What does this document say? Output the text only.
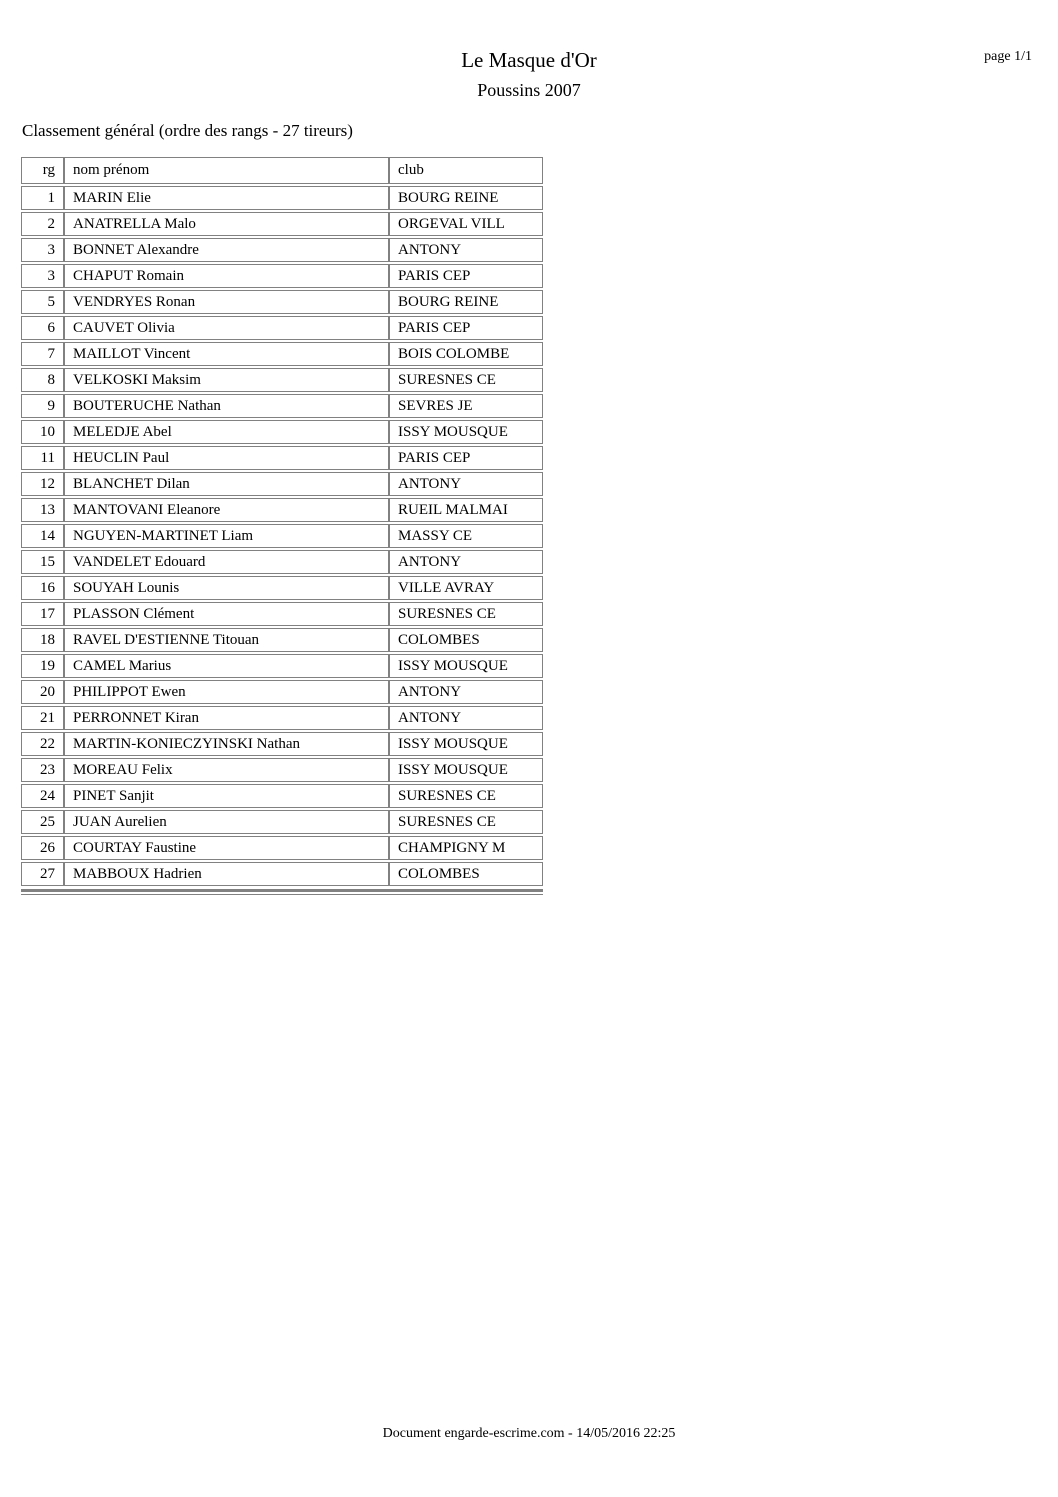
page 1/1
Le Masque d'Or
Poussins 2007
Classement général (ordre des rangs - 27 tireurs)
rg	nom prénom	club
1	MARIN Elie	BOURG REINE
2	ANATRELLA Malo	ORGEVAL VILL
3	BONNET Alexandre	ANTONY
3	CHAPUT Romain	PARIS CEP
5	VENDRYES Ronan	BOURG REINE
6	CAUVET Olivia	PARIS CEP
7	MAILLOT Vincent	BOIS COLOMBE
8	VELKOSKI Maksim	SURESNES CE
9	BOUTERUCHE Nathan	SEVRES JE
10	MELEDJE Abel	ISSY MOUSQUE
11	HEUCLIN Paul	PARIS CEP
12	BLANCHET Dilan	ANTONY
13	MANTOVANI Eleanore	RUEIL MALMAI
14	NGUYEN-MARTINET Liam	MASSY CE
15	VANDELET Edouard	ANTONY
16	SOUYAH Lounis	VILLE AVRAY
17	PLASSON Clément	SURESNES CE
18	RAVEL D'ESTIENNE Titouan	COLOMBES
19	CAMEL Marius	ISSY MOUSQUE
20	PHILIPPOT Ewen	ANTONY
21	PERRONNET Kiran	ANTONY
22	MARTIN-KONIECZYINSKI Nathan	ISSY MOUSQUE
23	MOREAU Felix	ISSY MOUSQUE
24	PINET Sanjit	SURESNES CE
25	JUAN Aurelien	SURESNES CE
26	COURTAY Faustine	CHAMPIGNY M
27	MABBOUX Hadrien	COLOMBES
Document engarde-escrime.com - 14/05/2016 22:25
